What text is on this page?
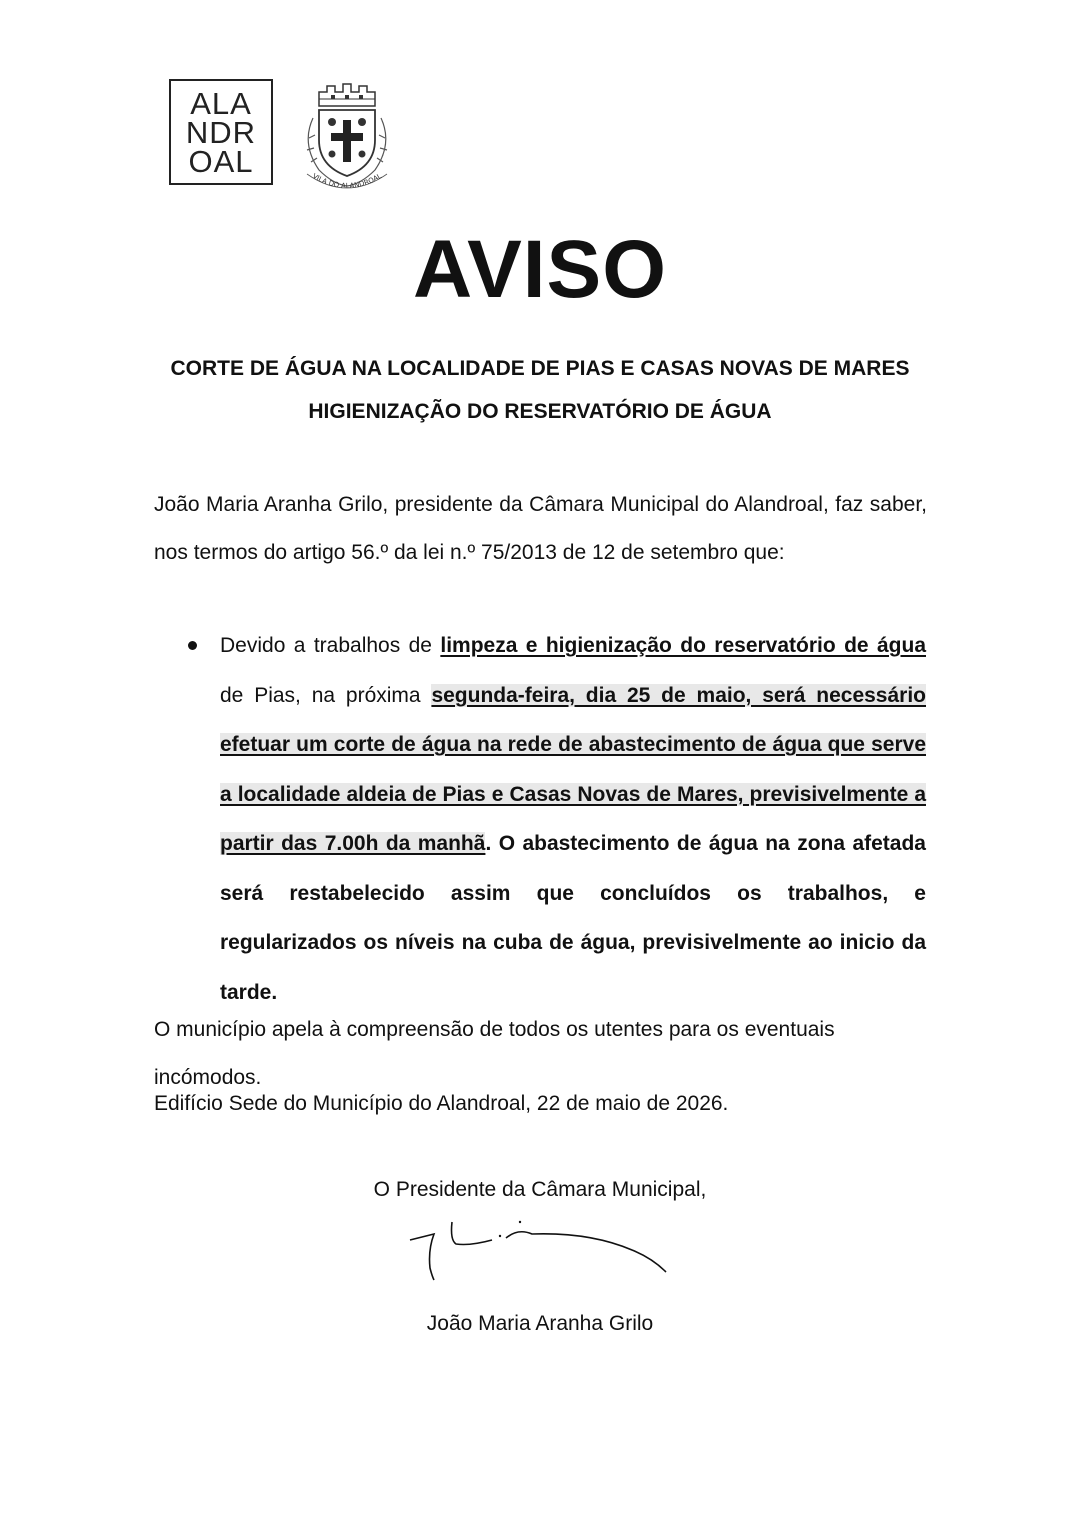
ALA
NDR
OAL	VILA DO ALANDROAL
AVISO
CORTE DE ÁGUA NA LOCALIDADE DE PIAS E CASAS NOVAS DE MARES
HIGIENIZAÇÃO DO RESERVATÓRIO DE ÁGUA
João Maria Aranha Grilo, presidente da Câmara Municipal do Alandroal, faz saber, nos termos do artigo 56.º da lei n.º 75/2013 de 12 de setembro que:
Devido a trabalhos de limpeza e higienização do reservatório de água de Pias, na próxima segunda-feira, dia 25 de maio, será necessário efetuar um corte de água na rede de abastecimento de água que serve a localidade aldeia de Pias e Casas Novas de Mares, previsivelmente a partir das 7.00h da manhã. O abastecimento de água na zona afetada será restabelecido assim que concluídos os trabalhos, e regularizados os níveis na cuba de água, previsivelmente ao inicio da tarde.
O município apela à compreensão de todos os utentes para os eventuais incómodos.
Edifício Sede do Município do Alandroal, 22 de maio de 2026.
O Presidente da Câmara Municipal,
João Maria Aranha Grilo
